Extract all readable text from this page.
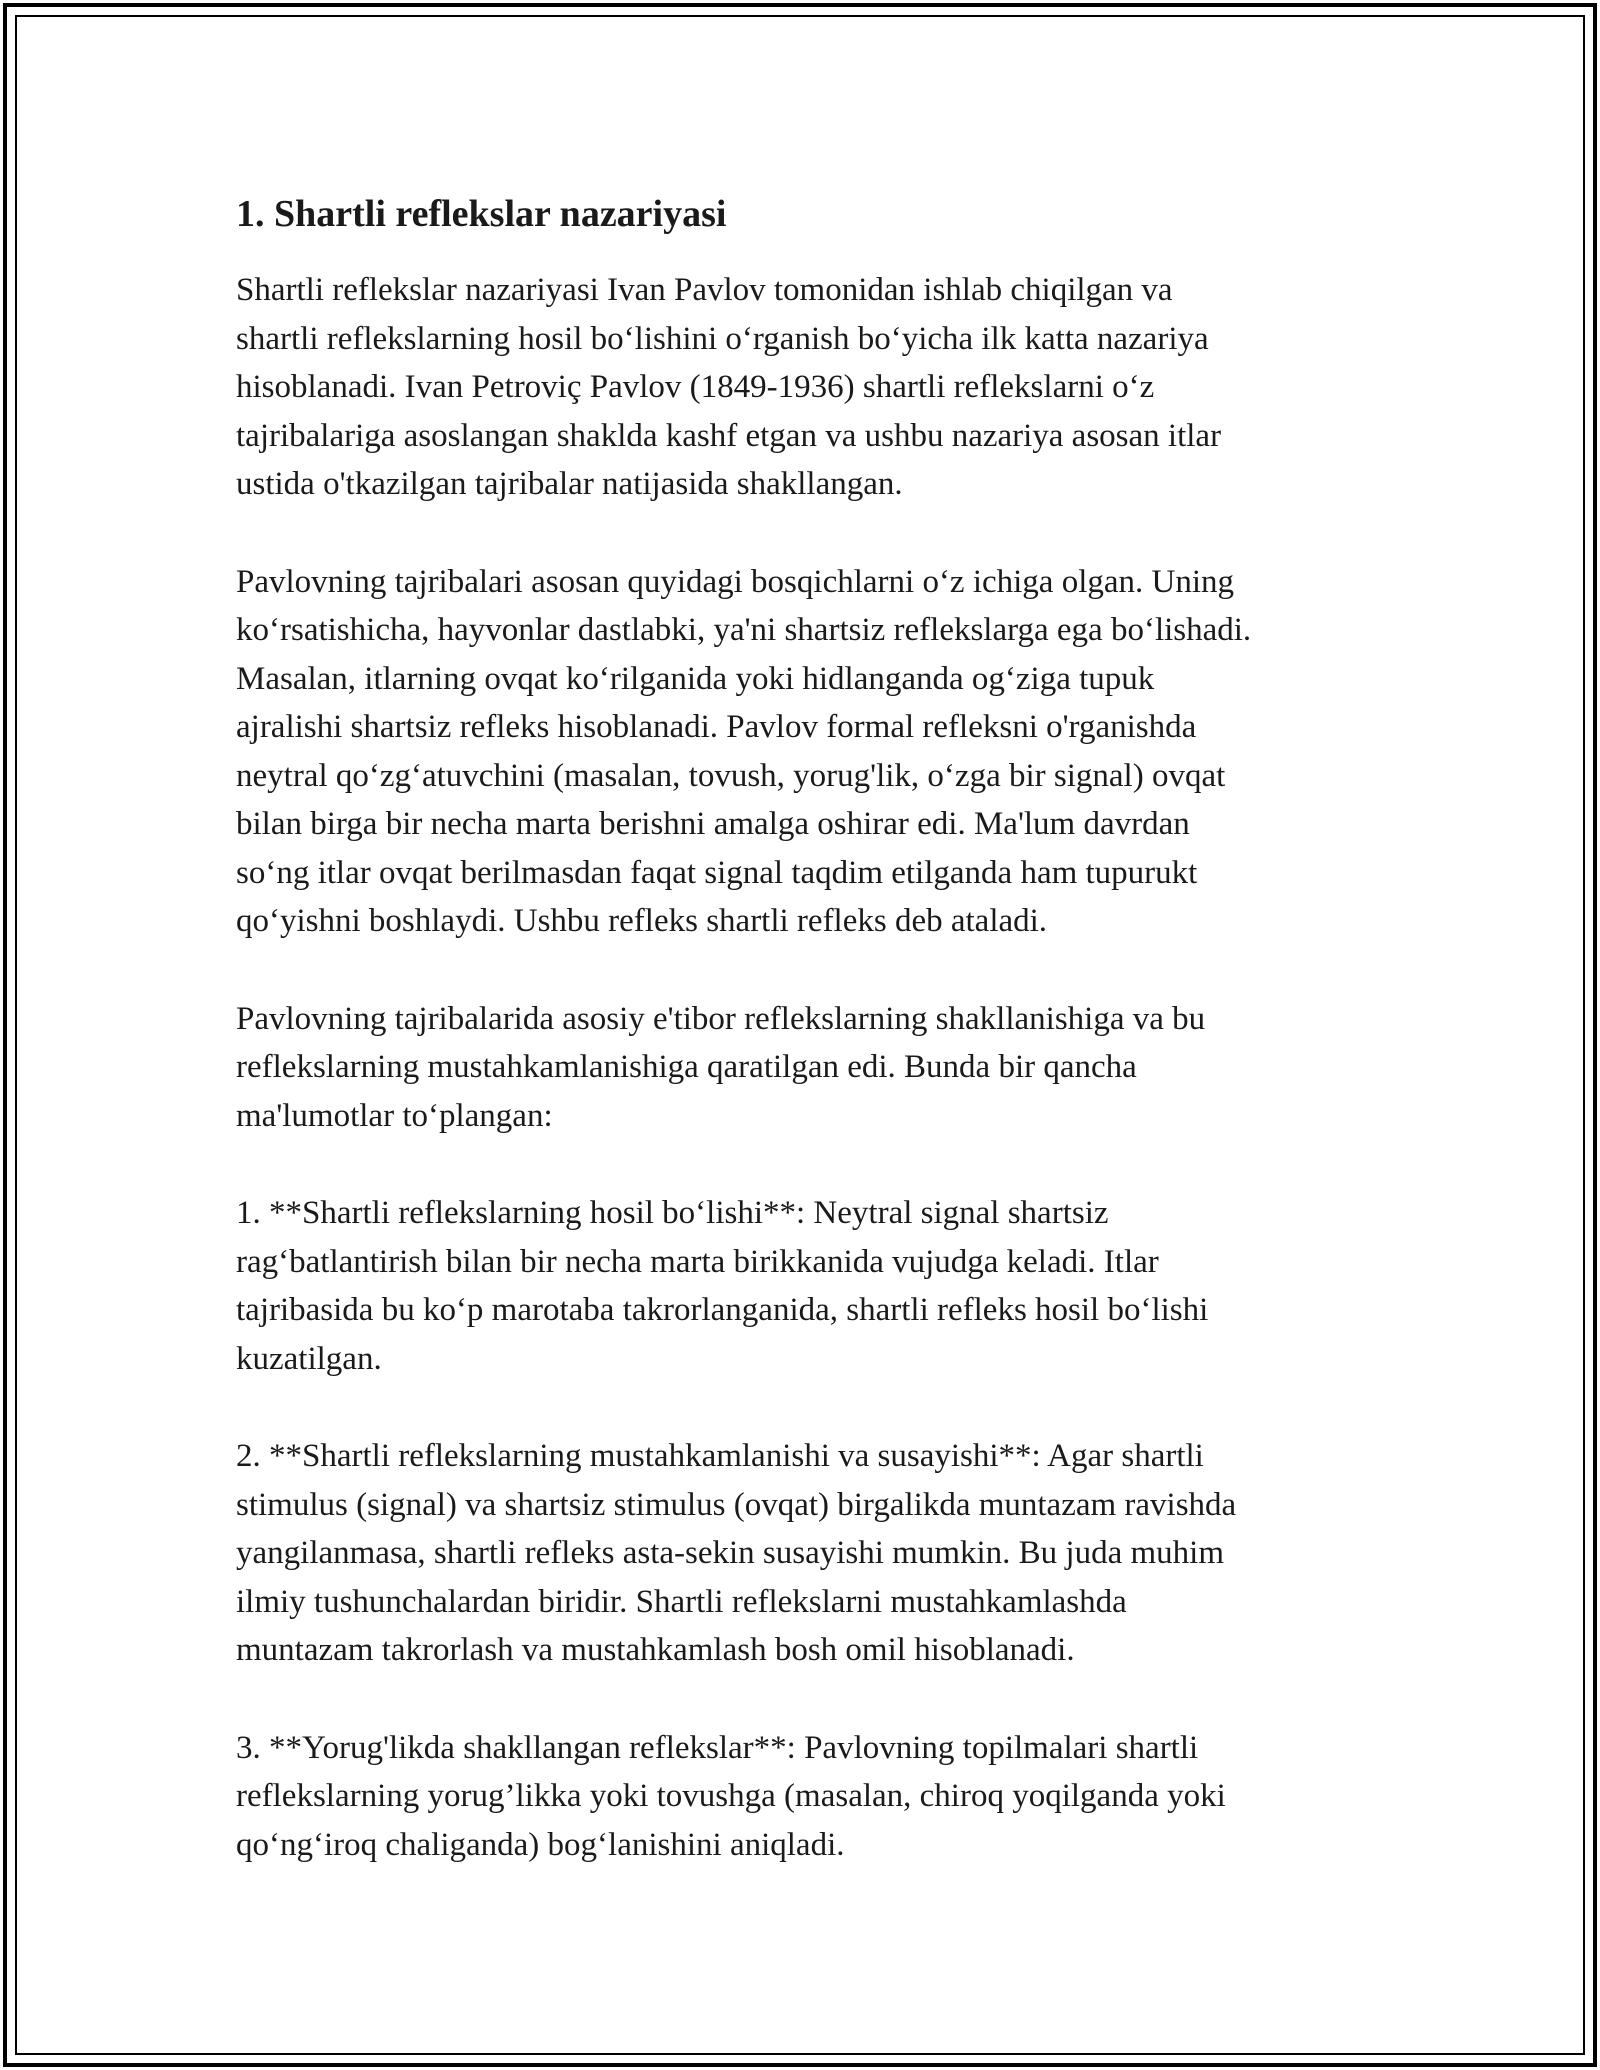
1. Shartli reflekslar nazariyasi

Shartli reflekslar nazariyasi Ivan Pavlov tomonidan ishlab chiqilgan va
shartli reflekslarning hosil bo‘lishini o‘rganish bo‘yicha ilk katta nazariya
hisoblanadi. Ivan Petroviç Pavlov (1849-1936) shartli reflekslarni o‘z
tajribalariga asoslangan shaklda kashf etgan va ushbu nazariya asosan itlar
ustida o'tkazilgan tajribalar natijasida shakllangan.

Pavlovning tajribalari asosan quyidagi bosqichlarni o‘z ichiga olgan. Uning
ko‘rsatishicha, hayvonlar dastlabki, ya'ni shartsiz reflekslarga ega bo‘lishadi.
Masalan, itlarning ovqat ko‘rilganida yoki hidlanganda og‘ziga tupuk
ajralishi shartsiz refleks hisoblanadi. Pavlov formal refleksni o'rganishda
neytral qo‘zg‘atuvchini (masalan, tovush, yorug'lik, o‘zga bir signal) ovqat
bilan birga bir necha marta berishni amalga oshirar edi. Ma'lum davrdan
so‘ng itlar ovqat berilmasdan faqat signal taqdim etilganda ham tupurukt
qo‘yishni boshlaydi. Ushbu refleks shartli refleks deb ataladi.

Pavlovning tajribalarida asosiy e'tibor reflekslarning shakllanishiga va bu
reflekslarning mustahkamlanishiga qaratilgan edi. Bunda bir qancha
ma'lumotlar to‘plangan:

1. **Shartli reflekslarning hosil bo‘lishi**: Neytral signal shartsiz
rag‘batlantirish bilan bir necha marta birikkanida vujudga keladi. Itlar
tajribasida bu ko‘p marotaba takrorlanganida, shartli refleks hosil bo‘lishi
kuzatilgan.

2. **Shartli reflekslarning mustahkamlanishi va susayishi**: Agar shartli
stimulus (signal) va shartsiz stimulus (ovqat) birgalikda muntazam ravishda
yangilanmasa, shartli refleks asta-sekin susayishi mumkin. Bu juda muhim
ilmiy tushunchalardan biridir. Shartli reflekslarni mustahkamlashda
muntazam takrorlash va mustahkamlash bosh omil hisoblanadi.

3. **Yorug'likda shakllangan reflekslar**: Pavlovning topilmalari shartli
reflekslarning yorug’likka yoki tovushga (masalan, chiroq yoqilganda yoki
qo‘ng‘iroq chaliganda) bog‘lanishini aniqladi.
